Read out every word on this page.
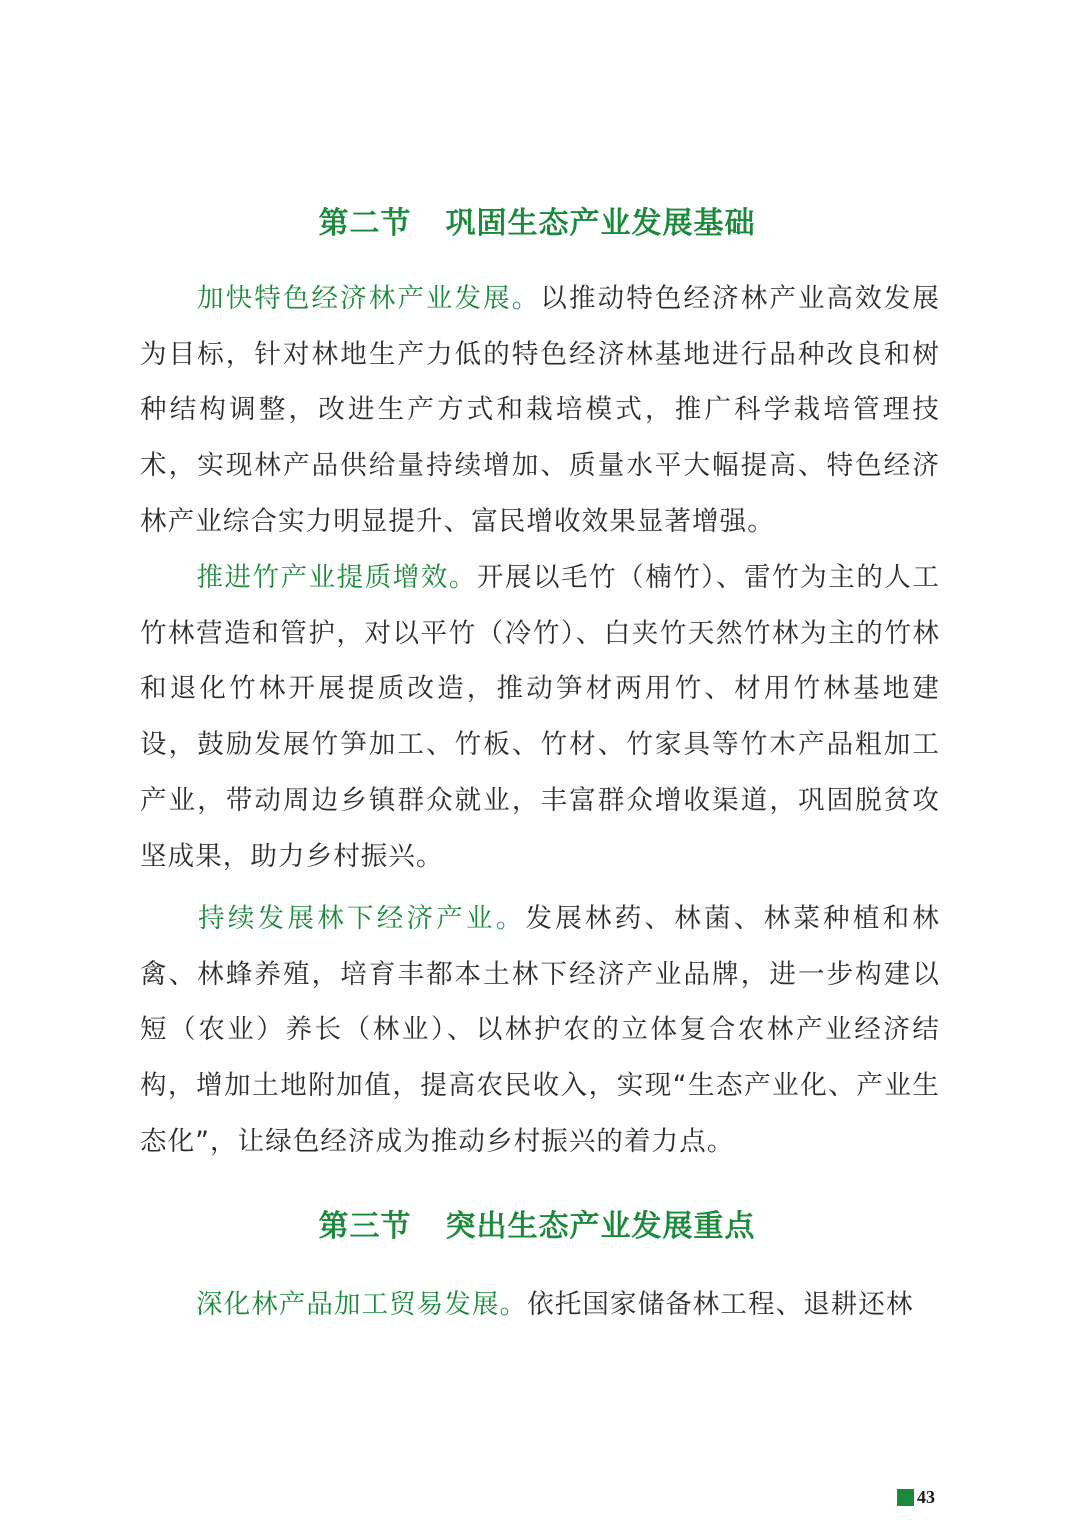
第二节 巩固生态产业发展基础

加快特色经济林产业发展。以推动特色经济林产业高效发展为目标，针对林地生产力低的特色经济林基地进行品种改良和树种结构调整，改进生产方式和栽培模式，推广科学栽培管理技术，实现林产品供给量持续增加、质量水平大幅提高、特色经济林产业综合实力明显提升、富民增收效果显著增强。

推进竹产业提质增效。开展以毛竹（楠竹）、雷竹为主的人工竹林营造和管护，对以平竹（冷竹）、白夹竹天然竹林为主的竹林和退化竹林开展提质改造，推动笋材两用竹、材用竹林基地建设，鼓励发展竹笋加工、竹板、竹材、竹家具等竹木产品粗加工产业，带动周边乡镇群众就业，丰富群众增收渠道，巩固脱贫攻坚成果，助力乡村振兴。

持续发展林下经济产业。发展林药、林菌、林菜种植和林禽、林蜂养殖，培育丰都本土林下经济产业品牌，进一步构建以短（农业）养长（林业）、以林护农的立体复合农林产业经济结构，增加土地附加值，提高农民收入，实现“生态产业化、产业生态化”，让绿色经济成为推动乡村振兴的着力点。

第三节 突出生态产业发展重点

深化林产品加工贸易发展。依托国家储备林工程、退耕还林

43
